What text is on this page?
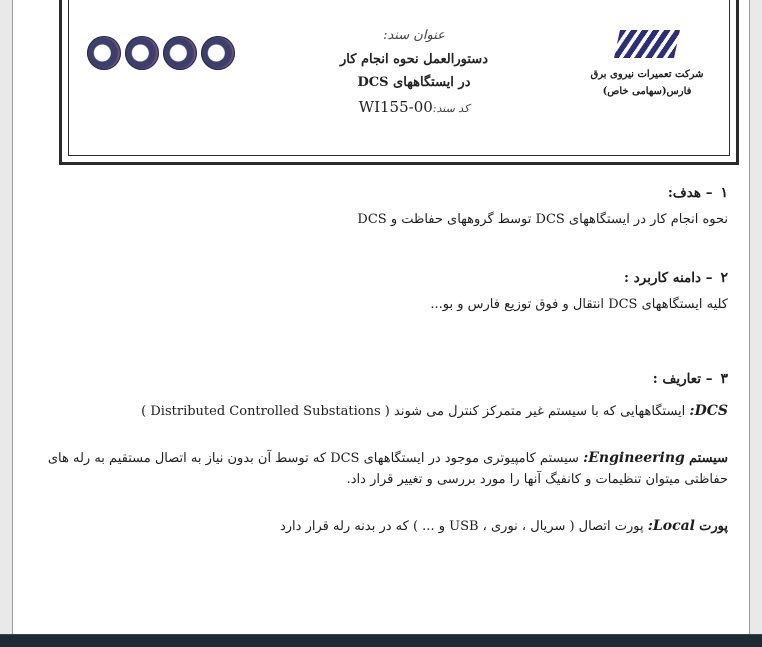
عنوان سند:
دستورالعمل نحوه انجام کار
در ایستگاههای DCS
کد سند:WI155-00
شرکت تعمیرات نیروی برق
فارس(سهامی خاص)
۱– هدف:
نحوه انجام کار در ایستگاههای DCS توسط گروههای حفاظت و DCS
۲– دامنه کاربرد :
کلیه ایستگاههای DCS انتقال و فوق توزیع فارس و بو...
۳– تعاریف :
DCS: ایستگاههایی که با سیستم غیر متمرکز کنترل می شوند ( Distributed Controlled Substations )
سیستم Engineering: سیستم کامپیوتری موجود در ایستگاههای DCS که توسط آن بدون نیاز به اتصال مستقیم به رله های حفاظتی میتوان تنظیمات و کانفیگ آنها را مورد بررسی و تغییر قرار داد.
پورت Local: پورت اتصال ( سریال ، نوری ، USB و ... ) که در بدنه رله قرار دارد
